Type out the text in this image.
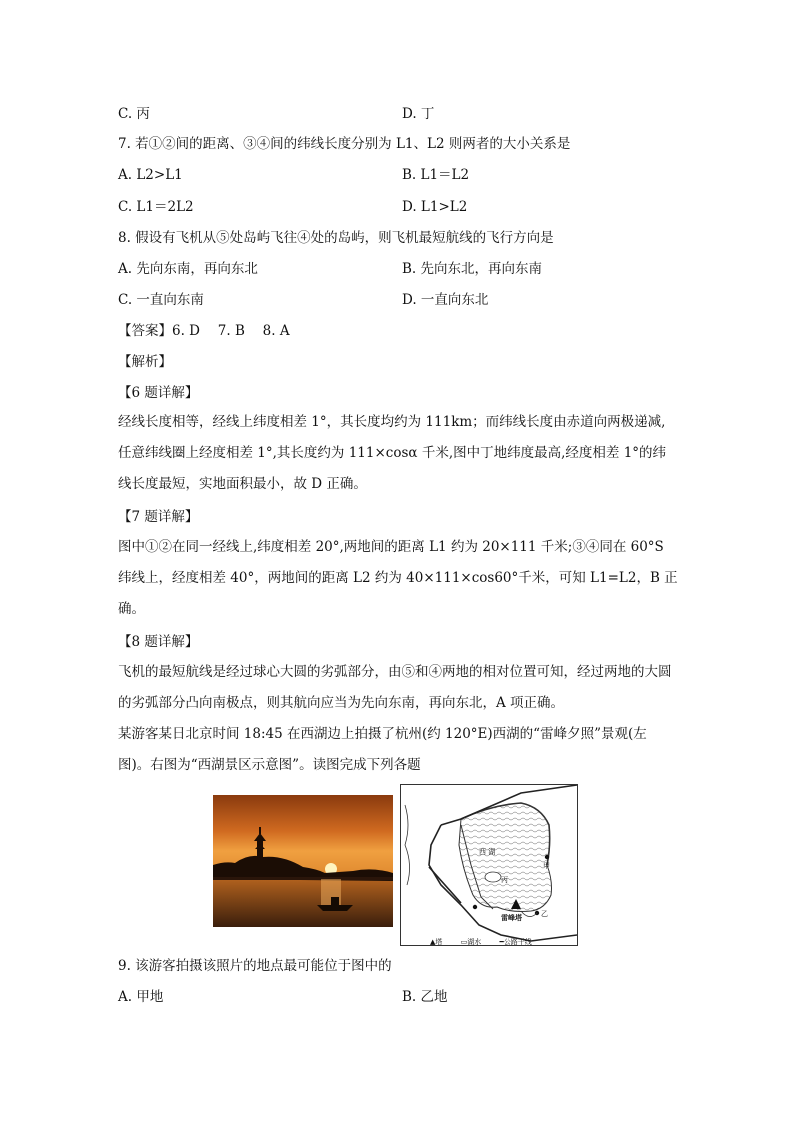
C. 丙	D. 丁
7. 若①②间的距离、③④间的纬线长度分别为 L1、L2 则两者的大小关系是
A. L2>L1	B. L1＝L2
C. L1＝2L2	D. L1>L2
8. 假设有飞机从⑤处岛屿飞往④处的岛屿，则飞机最短航线的飞行方向是
A. 先向东南，再向东北	B. 先向东北，再向东南
C. 一直向东南	D. 一直向东北
【答案】6. D　 7. B　 8. A
【解析】
【6 题详解】
经线长度相等，经线上纬度相差 1°，其长度均约为 111km；而纬线长度由赤道向两极递减,任意纬线圈上经度相差 1°,其长度约为 111×cosα 千米,图中丁地纬度最高,经度相差 1°的纬线长度最短，实地面积最小，故 D 正确。
【7 题详解】
图中①②在同一经线上,纬度相差 20°,两地间的距离 L1 约为 20×111 千米;③④同在 60°S 纬线上，经度相差 40°，两地间的距离 L2 约为 40×111×cos60°千米，可知 L1=L2，B 正确。
【8 题详解】
飞机的最短航线是经过球心大圆的劣弧部分，由⑤和④两地的相对位置可知，经过两地的大圆的劣弧部分凸向南极点，则其航向应当为先向东南，再向东北，A 项正确。
某游客某日北京时间 18:45 在西湖边上拍摄了杭州(约 120°E)西湖的“雷峰夕照”景观(左图)。右图为“西湖景区示意图”。读图完成下列各题
西 湖
甲
乙
丙
雷峰塔
▲塔	▭湖水	━公路干线
9. 该游客拍摄该照片的地点最可能位于图中的
A. 甲地	B. 乙地
